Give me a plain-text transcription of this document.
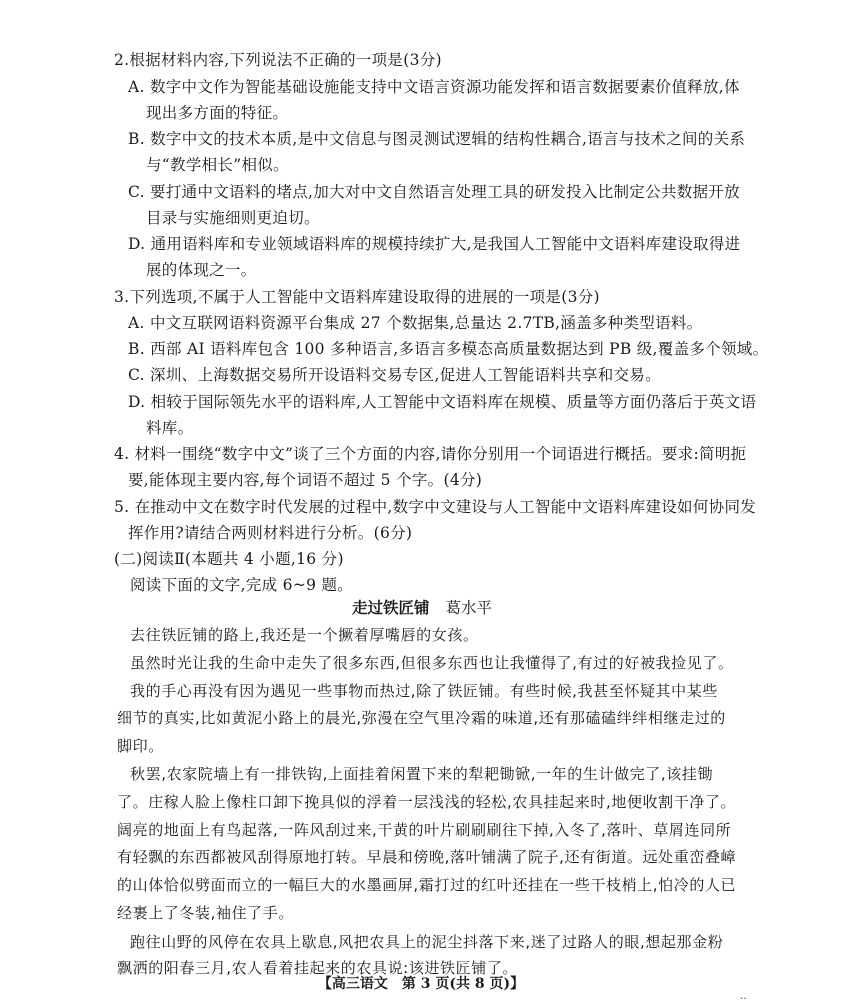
2.根据材料内容,下列说法不正确的一项是(3分)
A. 数字中文作为智能基础设施能支持中文语言资源功能发挥和语言数据要素价值释放,体
现出多方面的特征。
B. 数字中文的技术本质,是中文信息与图灵测试逻辑的结构性耦合,语言与技术之间的关系
与“教学相长”相似。
C. 要打通中文语料的堵点,加大对中文自然语言处理工具的研发投入比制定公共数据开放
目录与实施细则更迫切。
D. 通用语料库和专业领域语料库的规模持续扩大,是我国人工智能中文语料库建设取得进
展的体现之一。
3.下列选项,不属于人工智能中文语料库建设取得的进展的一项是(3分)
A. 中文互联网语料资源平台集成 27 个数据集,总量达 2.7TB,涵盖多种类型语料。
B. 西部 AI 语料库包含 100 多种语言,多语言多模态高质量数据达到 PB 级,覆盖多个领域。
C. 深圳、上海数据交易所开设语料交易专区,促进人工智能语料共享和交易。
D. 相较于国际领先水平的语料库,人工智能中文语料库在规模、质量等方面仍落后于英文语
料库。
4. 材料一围绕“数字中文”谈了三个方面的内容,请你分别用一个词语进行概括。要求:简明扼
要,能体现主要内容,每个词语不超过 5 个字。(4分)
5. 在推动中文在数字时代发展的过程中,数字中文建设与人工智能中文语料库建设如何协同发
挥作用?请结合两则材料进行分析。(6分)
(二)阅读Ⅱ(本题共 4 小题,16 分)
阅读下面的文字,完成 6~9 题。
走过铁匠铺 葛水平
去往铁匠铺的路上,我还是一个撅着厚嘴唇的女孩。
虽然时光让我的生命中走失了很多东西,但很多东西也让我懂得了,有过的好被我捡见了。
我的手心再没有因为遇见一些事物而热过,除了铁匠铺。有些时候,我甚至怀疑其中某些
细节的真实,比如黄泥小路上的晨光,弥漫在空气里冷霜的味道,还有那磕磕绊绊相继走过的
脚印。
秋罢,农家院墙上有一排铁钩,上面挂着闲置下来的犁耙锄锨,一年的生计做完了,该挂锄
了。庄稼人脸上像柱口卸下挽具似的浮着一层浅浅的轻松,农具挂起来时,地便收割干净了。
阔亮的地面上有鸟起落,一阵风刮过来,干黄的叶片刷刷刷往下掉,入冬了,落叶、草屑连同所
有轻飘的东西都被风刮得原地打转。早晨和傍晚,落叶铺满了院子,还有街道。远处重峦叠嶂
的山体恰似劈面而立的一幅巨大的水墨画屏,霜打过的红叶还挂在一些干枝梢上,怕冷的人已
经裹上了冬装,袖住了手。
跑往山野的风停在农具上歇息,风把农具上的泥尘抖落下来,迷了过路人的眼,想起那金粉
飘洒的阳春三月,农人看着挂起来的农具说:该进铁匠铺了。
【高三语文　第 3 页(共 8 页)】
‥
